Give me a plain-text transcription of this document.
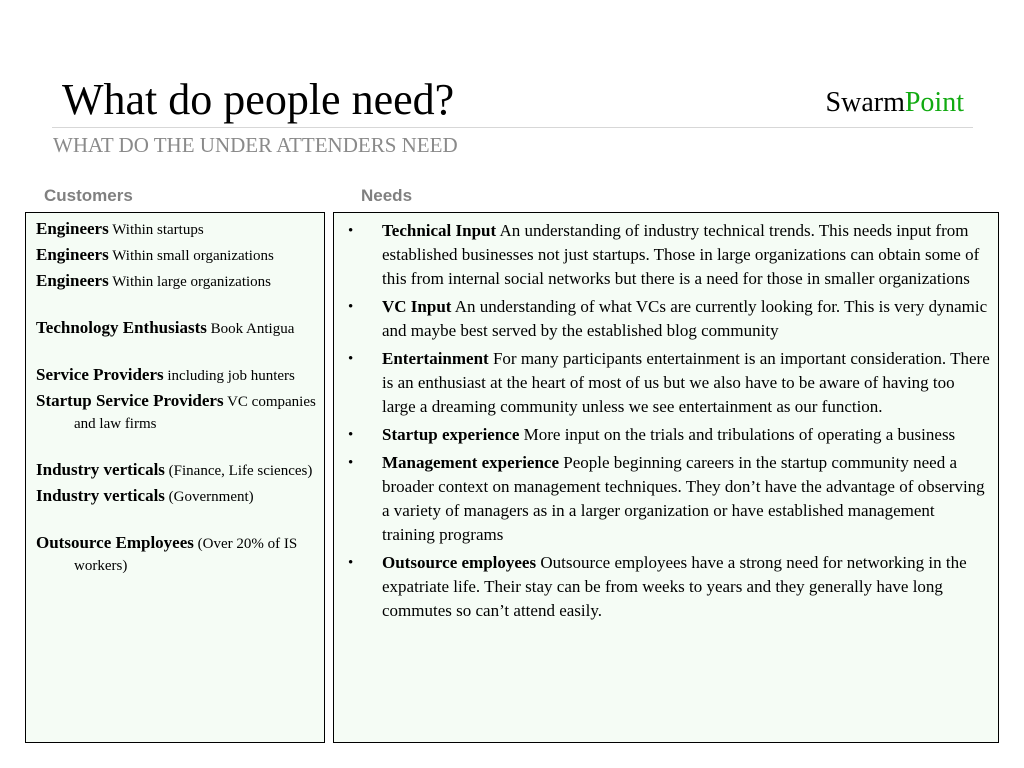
What do people need?	SwarmPoint
WHAT DO THE UNDER ATTENDERS NEED
Customers	Needs
Engineers Within startups
Engineers Within small organizations
Engineers Within large organizations
Technology Enthusiasts Book Antigua
Service Providers including job hunters
Startup Service Providers VC companies and law firms
Industry verticals (Finance, Life sciences)
Industry verticals (Government)
Outsource Employees (Over 20% of IS workers)
• Technical Input An understanding of industry technical trends. This needs input from established businesses not just startups. Those in large organizations can obtain some of this from internal social networks but there is a need for those in smaller organizations
• VC Input An understanding of what VCs are currently looking for. This is very dynamic and maybe best served by the established blog community
• Entertainment For many participants entertainment is an important consideration. There is an enthusiast at the heart of most of us but we also have to be aware of having too large a dreaming community unless we see entertainment as our function.
• Startup experience More input on the trials and tribulations of operating a business
• Management experience People beginning careers in the startup community need a broader context on management techniques. They don’t have the advantage of observing a variety of managers as in a larger organization or have established management training programs
• Outsource employees Outsource employees have a strong need for networking in the expatriate life. Their stay can be from weeks to years and they generally have long commutes so can’t attend easily.
